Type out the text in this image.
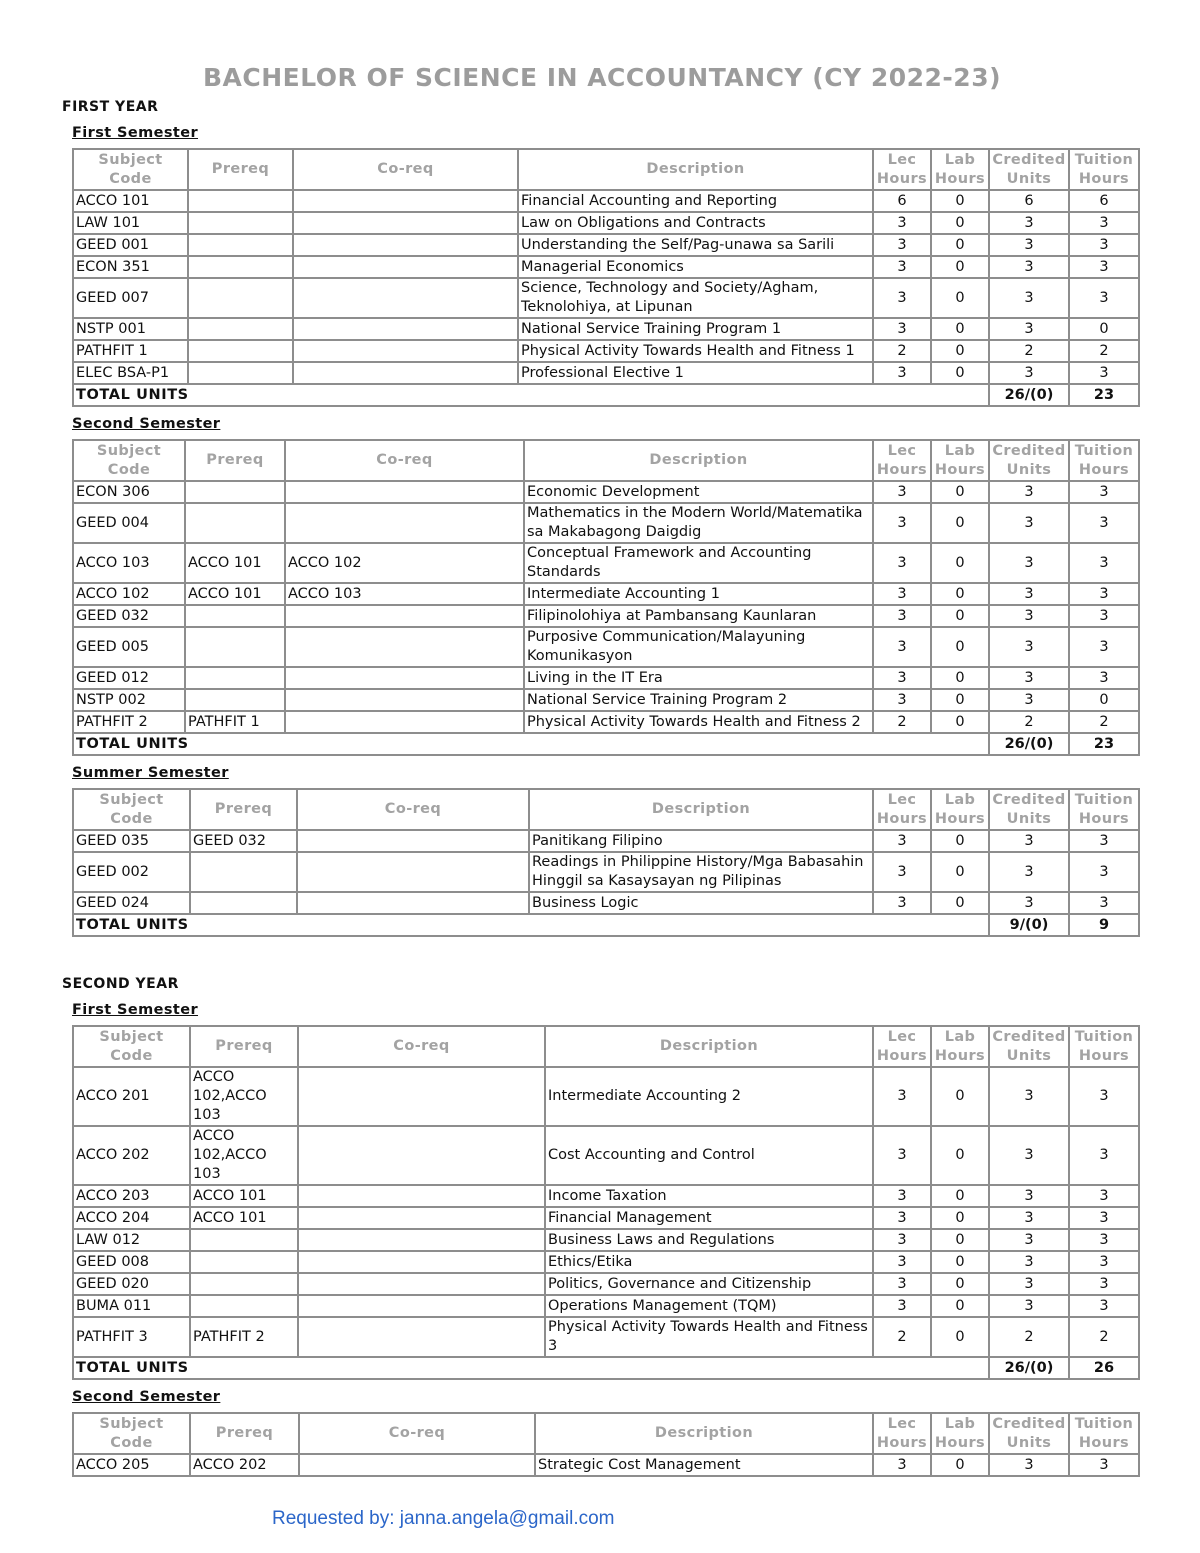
BACHELOR OF SCIENCE IN ACCOUNTANCY (CY 2022-23)
FIRST YEAR
First Semester
Subject Code	Prereq	Co-req	Description	Lec Hours	Lab Hours	Credited Units	Tuition Hours
ACCO 101			Financial Accounting and Reporting	6	0	6	6
LAW 101			Law on Obligations and Contracts	3	0	3	3
GEED 001			Understanding the Self/Pag-unawa sa Sarili	3	0	3	3
ECON 351			Managerial Economics	3	0	3	3
GEED 007			Science, Technology and Society/Agham, Teknolohiya, at Lipunan	3	0	3	3
NSTP 001			National Service Training Program 1	3	0	3	0
PATHFIT 1			Physical Activity Towards Health and Fitness 1	2	0	2	2
ELEC BSA-P1			Professional Elective 1	3	0	3	3
TOTAL UNITS						26/(0)	23
Second Semester
Subject Code	Prereq	Co-req	Description	Lec Hours	Lab Hours	Credited Units	Tuition Hours
ECON 306			Economic Development	3	0	3	3
GEED 004			Mathematics in the Modern World/Matematika sa Makabagong Daigdig	3	0	3	3
ACCO 103	ACCO 101	ACCO 102	Conceptual Framework and Accounting Standards	3	0	3	3
ACCO 102	ACCO 101	ACCO 103	Intermediate Accounting 1	3	0	3	3
GEED 032			Filipinolohiya at Pambansang Kaunlaran	3	0	3	3
GEED 005			Purposive Communication/Malayuning Komunikasyon	3	0	3	3
GEED 012			Living in the IT Era	3	0	3	3
NSTP 002			National Service Training Program 2	3	0	3	0
PATHFIT 2	PATHFIT 1		Physical Activity Towards Health and Fitness 2	2	0	2	2
TOTAL UNITS						26/(0)	23
Summer Semester
Subject Code	Prereq	Co-req	Description	Lec Hours	Lab Hours	Credited Units	Tuition Hours
GEED 035	GEED 032		Panitikang Filipino	3	0	3	3
GEED 002			Readings in Philippine History/Mga Babasahin Hinggil sa Kasaysayan ng Pilipinas	3	0	3	3
GEED 024			Business Logic	3	0	3	3
TOTAL UNITS						9/(0)	9
SECOND YEAR
First Semester
Subject Code	Prereq	Co-req	Description	Lec Hours	Lab Hours	Credited Units	Tuition Hours
ACCO 201	ACCO 102,ACCO 103		Intermediate Accounting 2	3	0	3	3
ACCO 202	ACCO 102,ACCO 103		Cost Accounting and Control	3	0	3	3
ACCO 203	ACCO 101		Income Taxation	3	0	3	3
ACCO 204	ACCO 101		Financial Management	3	0	3	3
LAW 012			Business Laws and Regulations	3	0	3	3
GEED 008			Ethics/Etika	3	0	3	3
GEED 020			Politics, Governance and Citizenship	3	0	3	3
BUMA 011			Operations Management (TQM)	3	0	3	3
PATHFIT 3	PATHFIT 2		Physical Activity Towards Health and Fitness 3	2	0	2	2
TOTAL UNITS						26/(0)	26
Second Semester
Subject Code	Prereq	Co-req	Description	Lec Hours	Lab Hours	Credited Units	Tuition Hours
ACCO 205	ACCO 202		Strategic Cost Management	3	0	3	3
Requested by: janna.angela@gmail.com
